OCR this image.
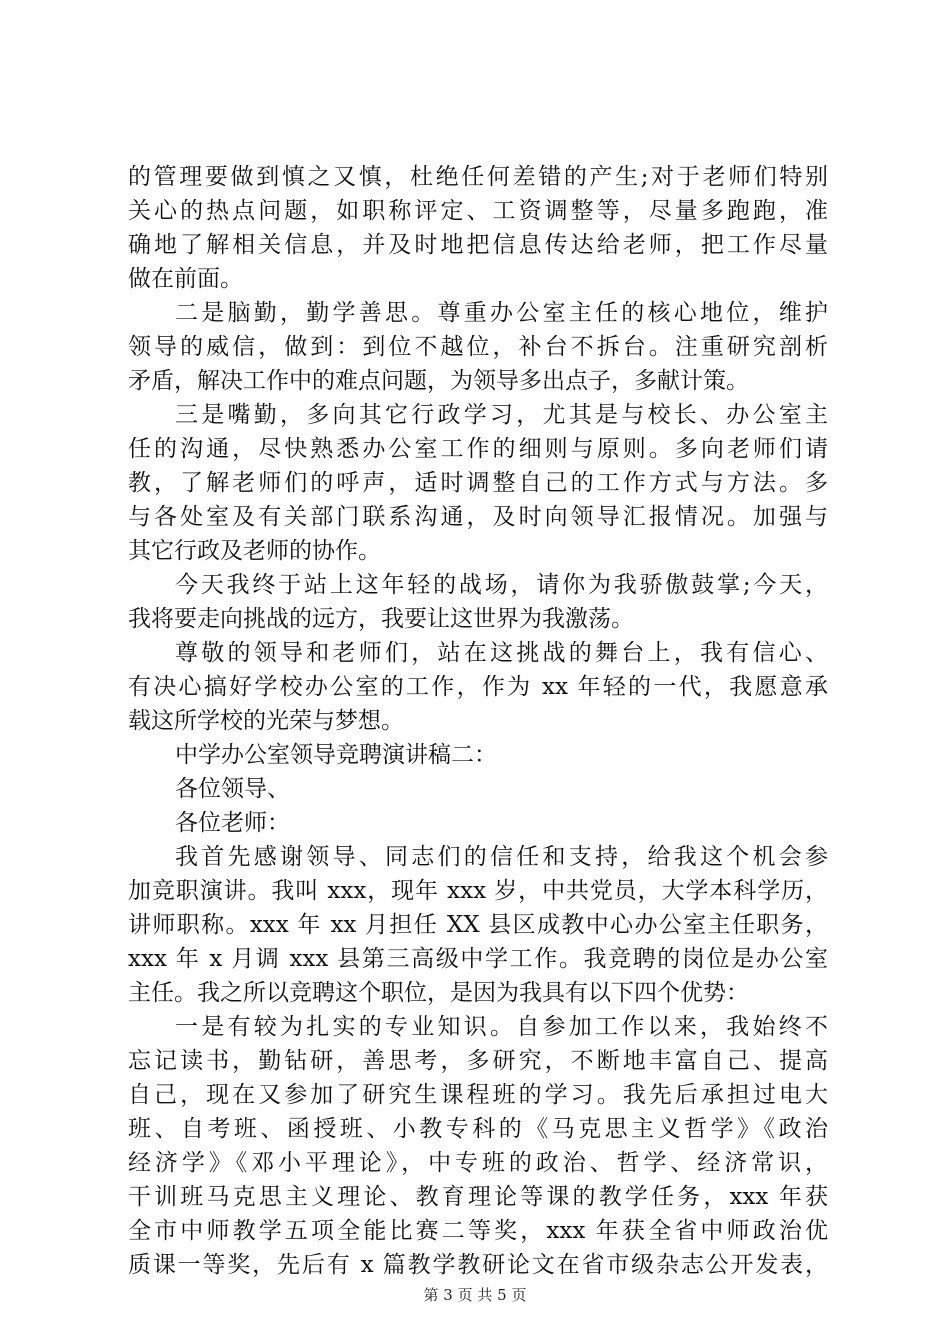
的管理要做到慎之又慎，杜绝任何差错的产生;对于老师们特别
关心的热点问题，如职称评定、工资调整等，尽量多跑跑，准
确地了解相关信息，并及时地把信息传达给老师，把工作尽量
做在前面。
二是脑勤，勤学善思。尊重办公室主任的核心地位，维护
领导的威信，做到：到位不越位，补台不拆台。注重研究剖析
矛盾，解决工作中的难点问题，为领导多出点子，多献计策。
三是嘴勤，多向其它行政学习，尤其是与校长、办公室主
任的沟通，尽快熟悉办公室工作的细则与原则。多向老师们请
教，了解老师们的呼声，适时调整自己的工作方式与方法。多
与各处室及有关部门联系沟通，及时向领导汇报情况。加强与
其它行政及老师的协作。
今天我终于站上这年轻的战场，请你为我骄傲鼓掌;今天，
我将要走向挑战的远方，我要让这世界为我激荡。
尊敬的领导和老师们，站在这挑战的舞台上，我有信心、
有决心搞好学校办公室的工作，作为 xx 年轻的一代，我愿意承
载这所学校的光荣与梦想。
中学办公室领导竞聘演讲稿二：
各位领导、
各位老师：
我首先感谢领导、同志们的信任和支持，给我这个机会参
加竞职演讲。我叫 xxx，现年 xxx 岁，中共党员，大学本科学历，
讲师职称。xxx 年 xx 月担任 XX 县区成教中心办公室主任职务，
xxx 年 x 月调 xxx 县第三高级中学工作。我竞聘的岗位是办公室
主任。我之所以竞聘这个职位，是因为我具有以下四个优势：
一是有较为扎实的专业知识。自参加工作以来，我始终不
忘记读书，勤钻研，善思考，多研究，不断地丰富自己、提高
自己，现在又参加了研究生课程班的学习。我先后承担过电大
班、自考班、函授班、小教专科的《马克思主义哲学》《政治
经济学》《邓小平理论》，中专班的政治、哲学、经济常识，
干训班马克思主义理论、教育理论等课的教学任务，xxx 年获
全市中师教学五项全能比赛二等奖，xxx 年获全省中师政治优
质课一等奖，先后有 x 篇教学教研论文在省市级杂志公开发表，
第 3 页 共 5 页
